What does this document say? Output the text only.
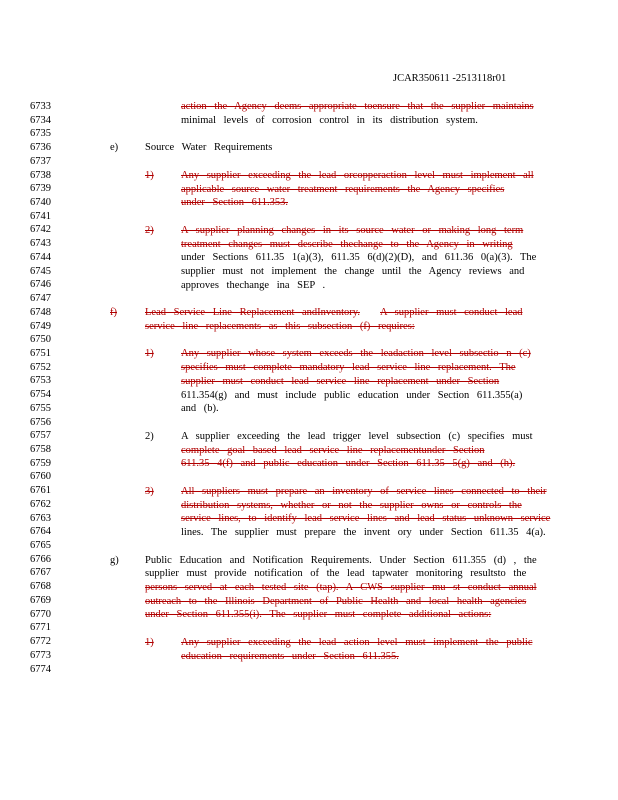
JCAR350611 -2513118r01
6733
6734
6735
6736
6737
6738
6739
6740
6741
6742
6743
6744
6745
6746
6747
6748
6749
6750
6751
6752
6753
6754
6755
6756
6757
6758
6759
6760
6761
6762
6763
6764
6765
6766
6767
6768
6769
6770
6771
6772
6773
6774
action the Agency deems appropriate toensure that the supplier maintains
minimal levels of corrosion control in its distribution system.
e)	Source Water Requirements
1)	Any supplier exceeding the lead orcopperaction level must implement all
applicable source water treatment requirements the Agency specifies
under Section 611.353.
2)	A supplier planning changes in its source water or making long term
treatment changes must describe thechange to the Agency in writing
under Sections 611.35 1(a)(3), 611.35 6(d)(2)(D), and 611.36 0(a)(3). The
supplier must not implement the change until the Agency reviews and
approves thechange ina SEP .
f)	Lead Service Line Replacement andInventory. A supplier must conduct lead
service line replacements as this subsection (f) requires:
1)	Any supplier whose system exceeds the leadaction level subsectio n (c)
specifies must complete mandatory lead service line replacement. The
supplier must conduct lead service line replacement under Section
611.354(g) and must include public education under Section 611.355(a)
and (b).
2)	A supplier exceeding the lead trigger level subsection (c) specifies must
complete goal based lead service line replacementunder Section
611.35 4(f) and public education under Section 611.35 5(g) and (h).
3)	All suppliers must prepare an inventory of service lines connected to their
distribution systems, whether or not the supplier owns or controls the
service lines, to identify lead service lines and lead status unknown service
lines. The supplier must prepare the invent ory under Section 611.35 4(a).
g)	Public Education and Notification Requirements. Under Section 611.355 (d) , the
supplier must provide notification of the lead tapwater monitoring resultsto the
persons served at each tested site (tap). A CWS supplier mu st conduct annual
outreach to the Illinois Department of Public Health and local health agencies
under Section 611.355(i). The supplier must complete additional actions:
1)	Any supplier exceeding the lead action level must implement the public
education requirements under Section 611.355.
